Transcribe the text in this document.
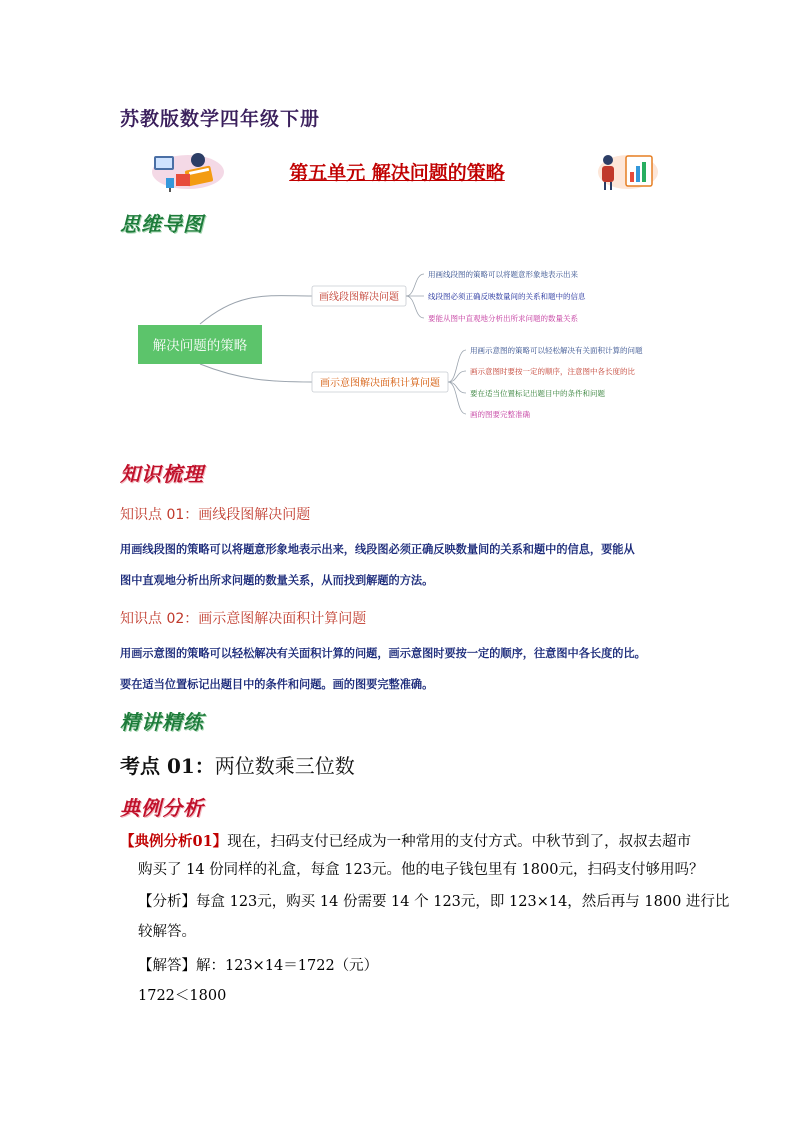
苏教版数学四年级下册
第五单元 解决问题的策略
思维导图
解决问题的策略
画线段图解决问题
用画线段图的策略可以将题意形象地表示出来
线段图必须正确反映数量间的关系和题中的信息
要能从图中直观地分析出所求问题的数量关系
画示意图解决面积计算问题
用画示意图的策略可以轻松解决有关面积计算的问题
画示意图时要按一定的顺序，注意图中各长度的比
要在适当位置标记出题目中的条件和问题
画的图要完整准确
知识梳理
知识点 01：画线段图解决问题
用画线段图的策略可以将题意形象地表示出来，线段图必须正确反映数量间的关系和题中的信息，要能从
图中直观地分析出所求问题的数量关系，从而找到解题的方法。
知识点 02：画示意图解决面积计算问题
用画示意图的策略可以轻松解决有关面积计算的问题，画示意图时要按一定的顺序，往意图中各长度的比。
要在适当位置标记出题目中的条件和问题。画的图要完整准确。
精讲精练
考点 01：两位数乘三位数
典例分析
【典例分析01】现在，扫码支付已经成为一种常用的支付方式。中秋节到了，叔叔去超市
购买了 14 份同样的礼盒，每盒 123元。他的电子钱包里有 1800元，扫码支付够用吗？
【分析】每盒 123元，购买 14 份需要 14 个 123元，即 123×14，然后再与 1800 进行比
较解答。
【解答】解：123×14＝1722（元）
1722＜1800
